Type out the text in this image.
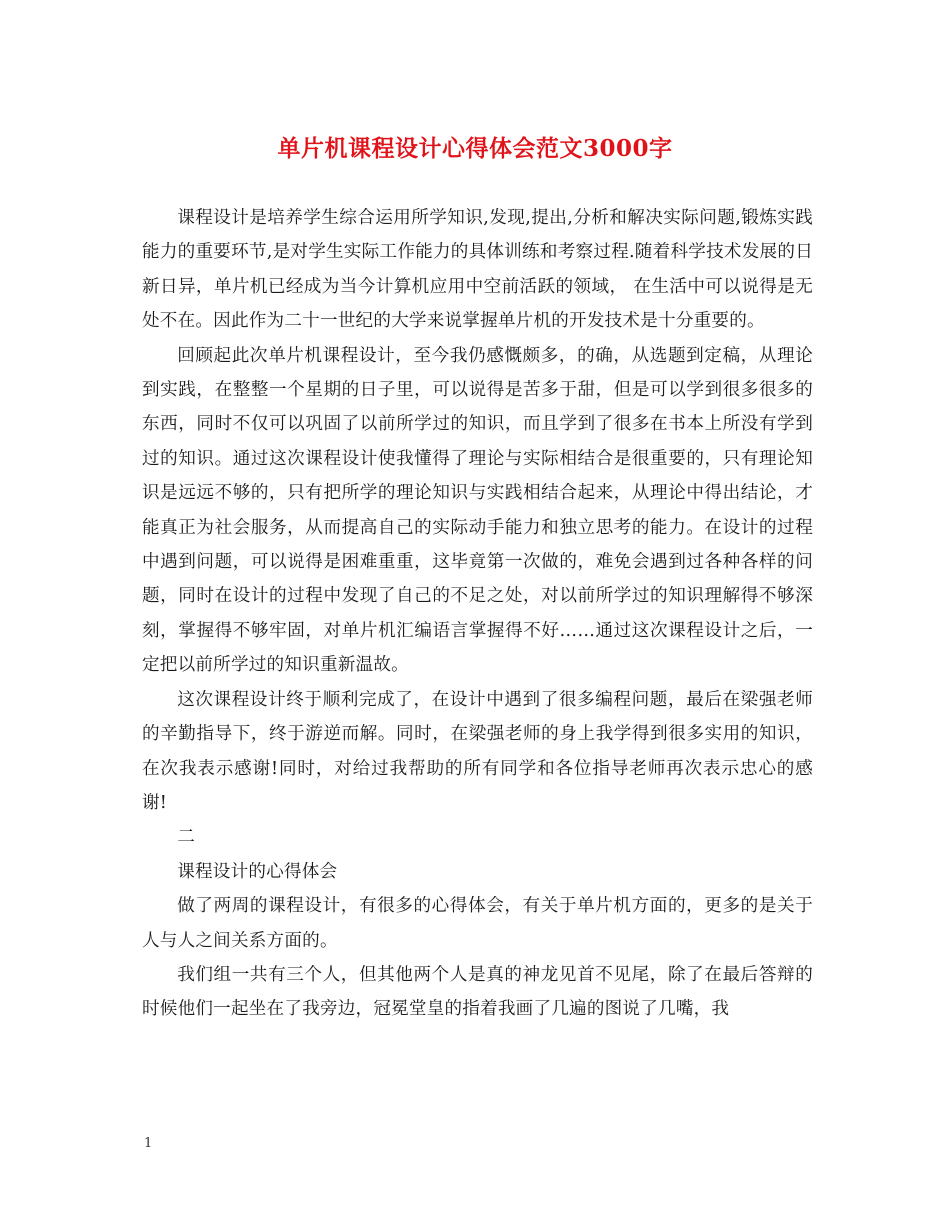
单片机课程设计心得体会范文3000字

课程设计是培养学生综合运用所学知识,发现,提出,分析和解决实际问题,锻炼实践能力的重要环节,是对学生实际工作能力的具体训练和考察过程.随着科学技术发展的日新日异，单片机已经成为当今计算机应用中空前活跃的领域， 在生活中可以说得是无处不在。因此作为二十一世纪的大学来说掌握单片机的开发技术是十分重要的。

回顾起此次单片机课程设计，至今我仍感慨颇多，的确，从选题到定稿，从理论到实践，在整整一个星期的日子里，可以说得是苦多于甜，但是可以学到很多很多的东西，同时不仅可以巩固了以前所学过的知识，而且学到了很多在书本上所没有学到过的知识。通过这次课程设计使我懂得了理论与实际相结合是很重要的，只有理论知识是远远不够的，只有把所学的理论知识与实践相结合起来，从理论中得出结论，才能真正为社会服务，从而提高自己的实际动手能力和独立思考的能力。在设计的过程中遇到问题，可以说得是困难重重，这毕竟第一次做的，难免会遇到过各种各样的问题，同时在设计的过程中发现了自己的不足之处，对以前所学过的知识理解得不够深刻，掌握得不够牢固，对单片机汇编语言掌握得不好……通过这次课程设计之后，一定把以前所学过的知识重新温故。

这次课程设计终于顺利完成了，在设计中遇到了很多编程问题，最后在梁强老师的辛勤指导下，终于游逆而解。同时，在梁强老师的身上我学得到很多实用的知识，在次我表示感谢!同时，对给过我帮助的所有同学和各位指导老师再次表示忠心的感谢!

二

课程设计的心得体会

做了两周的课程设计，有很多的心得体会，有关于单片机方面的，更多的是关于人与人之间关系方面的。

我们组一共有三个人，但其他两个人是真的神龙见首不见尾，除了在最后答辩的时候他们一起坐在了我旁边，冠冕堂皇的指着我画了几遍的图说了几嘴，我

1
